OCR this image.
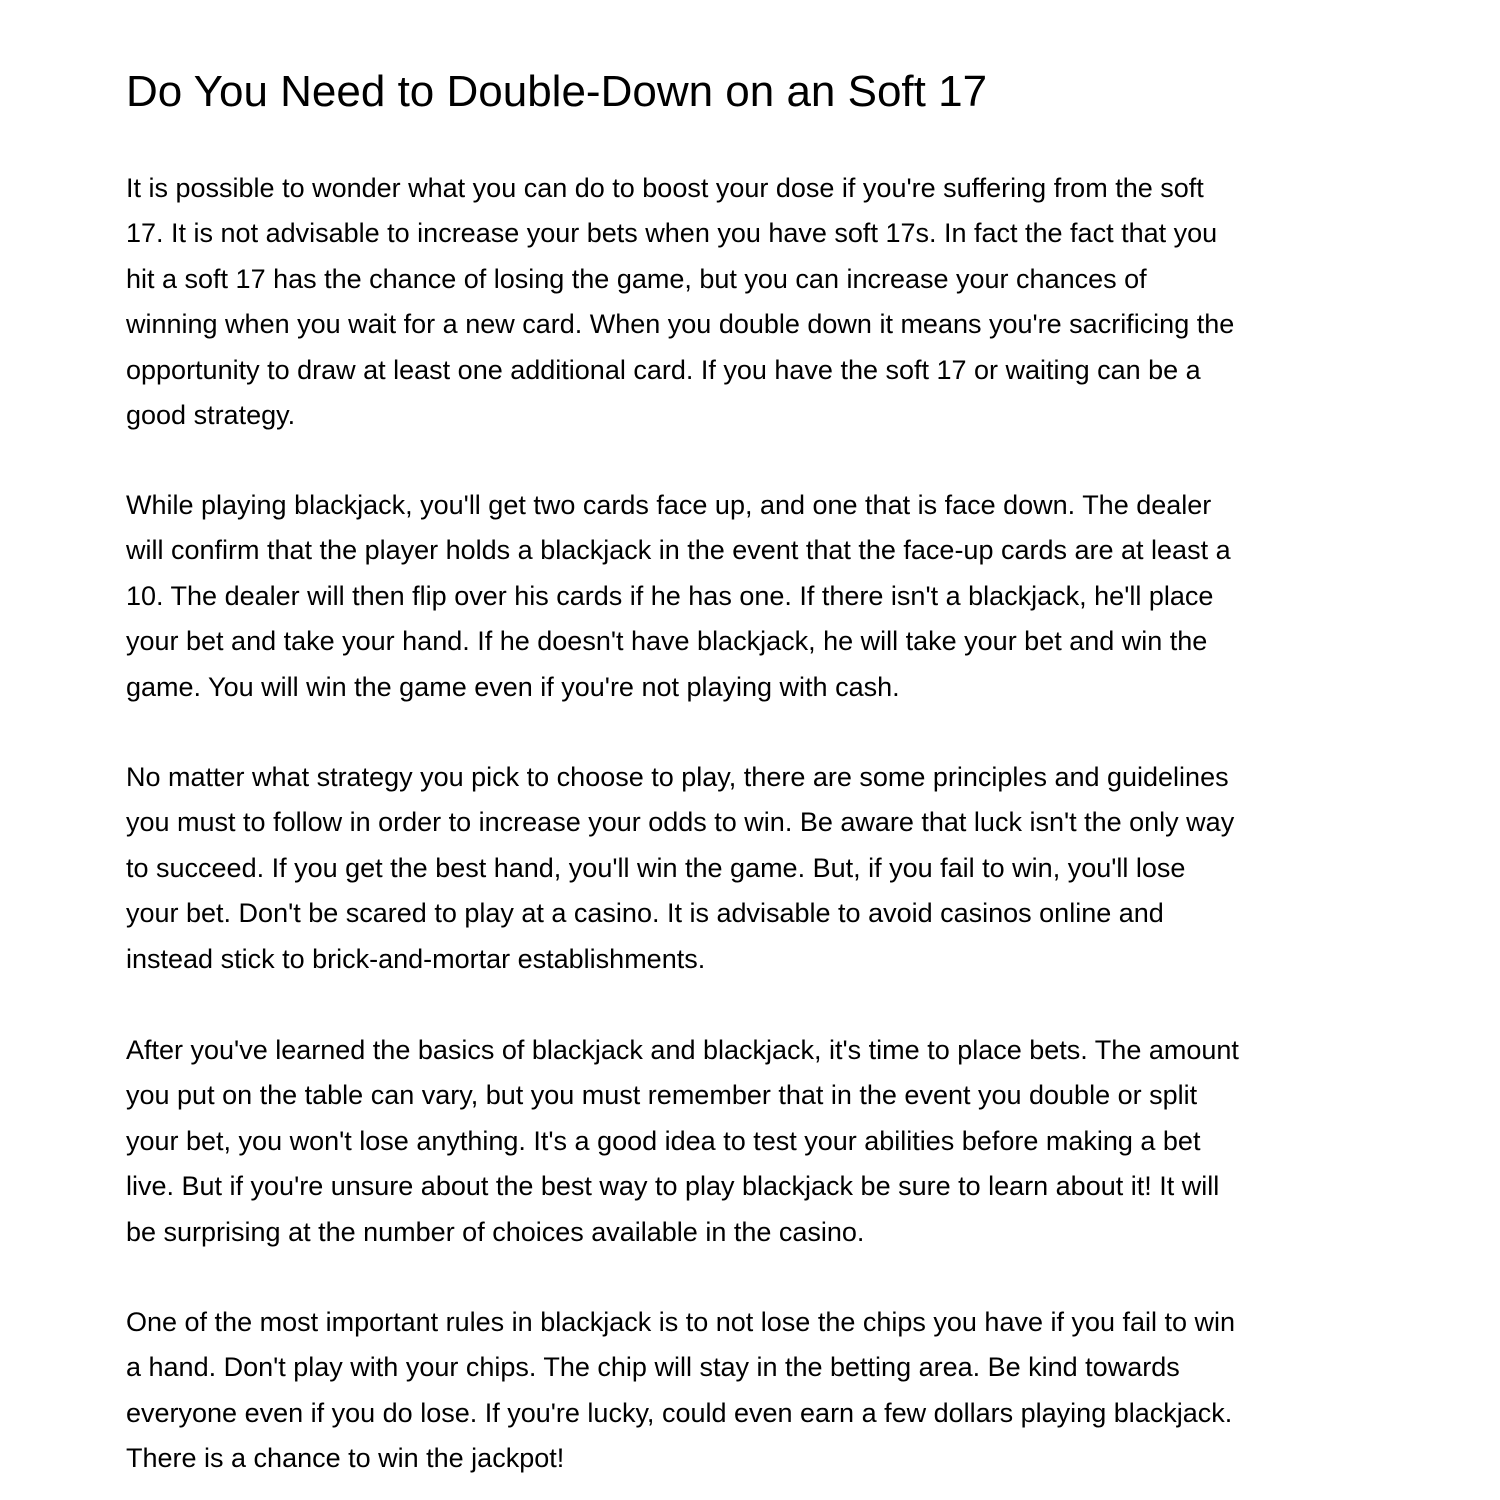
Do You Need to Double-Down on an Soft 17
It is possible to wonder what you can do to boost your dose if you're suffering from the soft
17. It is not advisable to increase your bets when you have soft 17s. In fact the fact that you
hit a soft 17 has the chance of losing the game, but you can increase your chances of
winning when you wait for a new card. When you double down it means you're sacrificing the
opportunity to draw at least one additional card. If you have the soft 17 or waiting can be a
good strategy.
While playing blackjack, you'll get two cards face up, and one that is face down. The dealer
will confirm that the player holds a blackjack in the event that the face-up cards are at least a
10. The dealer will then flip over his cards if he has one. If there isn't a blackjack, he'll place
your bet and take your hand. If he doesn't have blackjack, he will take your bet and win the
game. You will win the game even if you're not playing with cash.
No matter what strategy you pick to choose to play, there are some principles and guidelines
you must to follow in order to increase your odds to win. Be aware that luck isn't the only way
to succeed. If you get the best hand, you'll win the game. But, if you fail to win, you'll lose
your bet. Don't be scared to play at a casino. It is advisable to avoid casinos online and
instead stick to brick-and-mortar establishments.
After you've learned the basics of blackjack and blackjack, it's time to place bets. The amount
you put on the table can vary, but you must remember that in the event you double or split
your bet, you won't lose anything. It's a good idea to test your abilities before making a bet
live. But if you're unsure about the best way to play blackjack be sure to learn about it! It will
be surprising at the number of choices available in the casino.
One of the most important rules in blackjack is to not lose the chips you have if you fail to win
a hand. Don't play with your chips. The chip will stay in the betting area. Be kind towards
everyone even if you do lose. If you're lucky, could even earn a few dollars playing blackjack.
There is a chance to win the jackpot!
